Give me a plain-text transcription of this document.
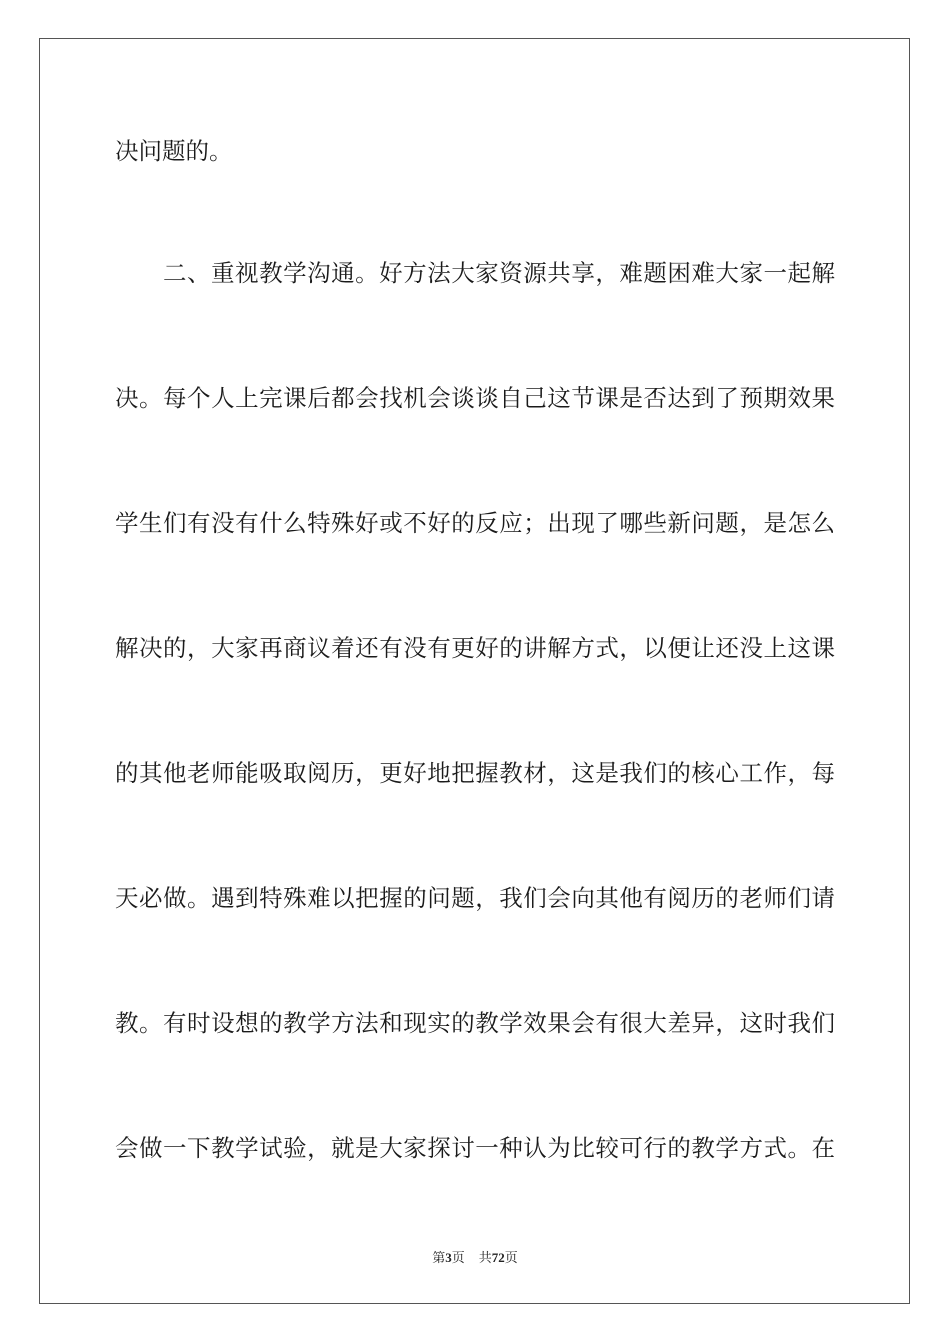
决问题的。
二、重视教学沟通。好方法大家资源共享，难题困难大家一起解
决。每个人上完课后都会找机会谈谈自己这节课是否达到了预期效果
学生们有没有什么特殊好或不好的反应；出现了哪些新问题，是怎么
解决的，大家再商议着还有没有更好的讲解方式，以便让还没上这课
的其他老师能吸取阅历，更好地把握教材，这是我们的核心工作，每
天必做。遇到特殊难以把握的问题，我们会向其他有阅历的老师们请
教。有时设想的教学方法和现实的教学效果会有很大差异，这时我们
会做一下教学试验，就是大家探讨一种认为比较可行的教学方式。在
第3页 共72页
